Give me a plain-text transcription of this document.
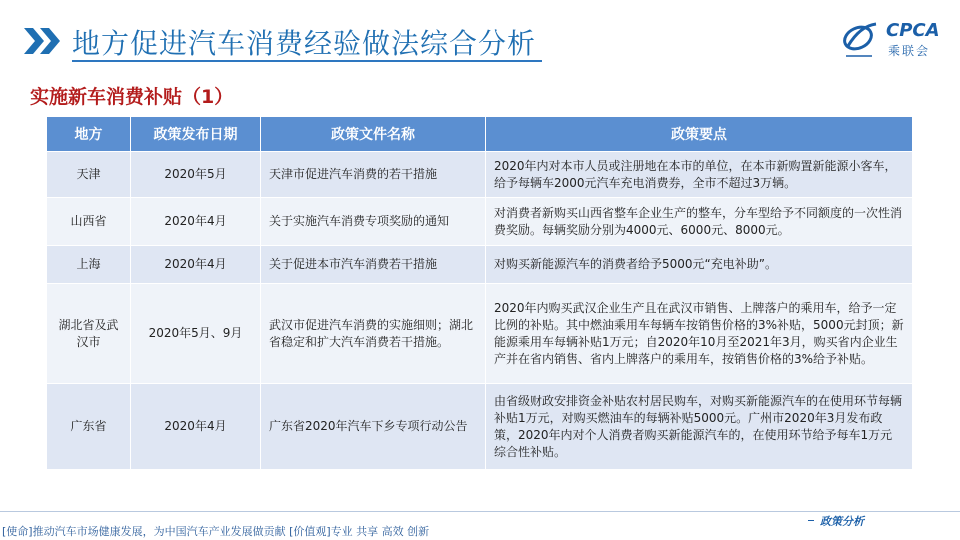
地方促进汽车消费经验做法综合分析	CPCA
乘联会
实施新车消费补贴（1）
地方	政策发布日期	政策文件名称	政策要点
天津	2020年5月	天津市促进汽车消费的若干措施	2020年内对本市人员或注册地在本市的单位，在本市新购置新能源小客车，给予每辆车2000元汽车充电消费券，全市不超过3万辆。
山西省	2020年4月	关于实施汽车消费专项奖励的通知	对消费者新购买山西省整车企业生产的整车，分车型给予不同额度的一次性消费奖励。每辆奖励分别为4000元、6000元、8000元。
上海	2020年4月	关于促进本市汽车消费若干措施	对购买新能源汽车的消费者给予5000元“充电补助”。
湖北省及武汉市	2020年5月、9月	武汉市促进汽车消费的实施细则；湖北省稳定和扩大汽车消费若干措施。	2020年内购买武汉企业生产且在武汉市销售、上牌落户的乘用车，给予一定比例的补贴。其中燃油乘用车每辆车按销售价格的3%补贴，5000元封顶；新能源乘用车每辆补贴1万元；自2020年10月至2021年3月，购买省内企业生产并在省内销售、省内上牌落户的乘用车，按销售价格的3%给予补贴。
广东省	2020年4月	广东省2020年汽车下乡专项行动公告	由省级财政安排资金补贴农村居民购车，对购买新能源汽车的在使用环节每辆补贴1万元，对购买燃油车的每辆补贴5000元。广州市2020年3月发布政策，2020年内对个人消费者购买新能源汽车的，在使用环节给予每车1万元综合性补贴。
政策分析
[使命]推动汽车市场健康发展，为中国汽车产业发展做贡献 [价值观]专业 共享 高效 创新
